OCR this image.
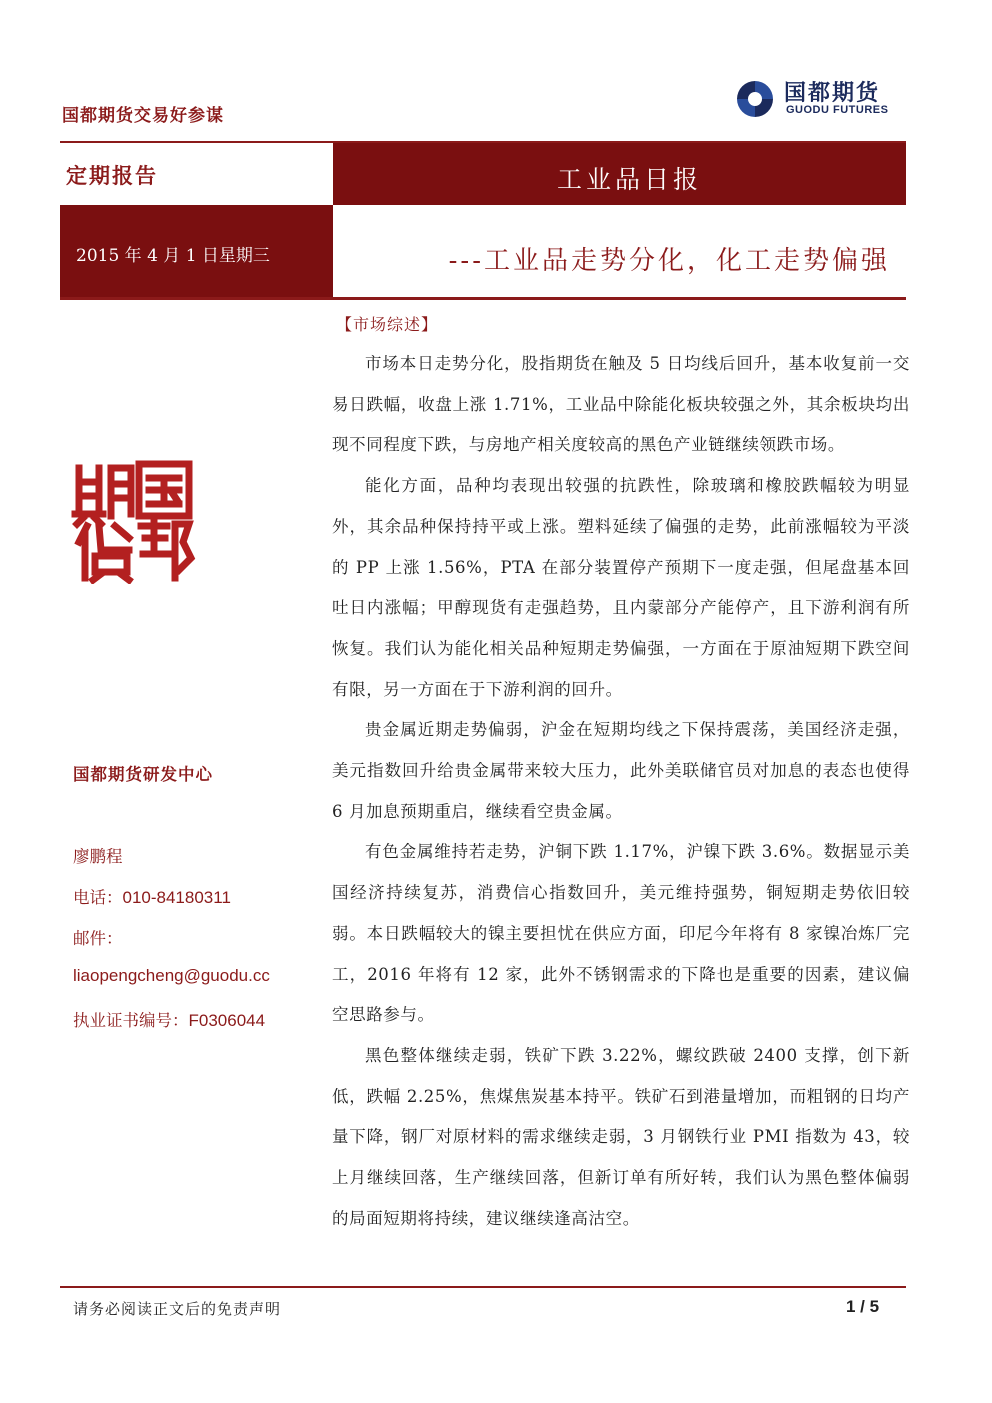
国都期货交易好参谋
国都期货
GUODU FUTURES
定期报告	工业品日报
2015 年 4 月 1 日星期三	---工业品走势分化，化工走势偏强
国都期货研发中心
廖鹏程
电话：010-84180311
邮件：
liaopengcheng@guodu.cc
执业证书编号：F0306044
【市场综述】

市场本日走势分化，股指期货在触及 5 日均线后回升，基本收复前一交易日跌幅，收盘上涨 1.71%，工业品中除能化板块较强之外，其余板块均出现不同程度下跌，与房地产相关度较高的黑色产业链继续领跌市场。

能化方面，品种均表现出较强的抗跌性，除玻璃和橡胶跌幅较为明显外，其余品种保持持平或上涨。塑料延续了偏强的走势，此前涨幅较为平淡的 PP 上涨 1.56%，PTA 在部分装置停产预期下一度走强，但尾盘基本回吐日内涨幅；甲醇现货有走强趋势，且内蒙部分产能停产，且下游利润有所恢复。我们认为能化相关品种短期走势偏强，一方面在于原油短期下跌空间有限，另一方面在于下游利润的回升。

贵金属近期走势偏弱，沪金在短期均线之下保持震荡，美国经济走强，美元指数回升给贵金属带来较大压力，此外美联储官员对加息的表态也使得 6 月加息预期重启，继续看空贵金属。

有色金属维持若走势，沪铜下跌 1.17%，沪镍下跌 3.6%。数据显示美国经济持续复苏，消费信心指数回升，美元维持强势，铜短期走势依旧较弱。本日跌幅较大的镍主要担忧在供应方面，印尼今年将有 8 家镍冶炼厂完工，2016 年将有 12 家，此外不锈钢需求的下降也是重要的因素，建议偏空思路参与。

黑色整体继续走弱，铁矿下跌 3.22%，螺纹跌破 2400 支撑，创下新低，跌幅 2.25%，焦煤焦炭基本持平。铁矿石到港量增加，而粗钢的日均产量下降，钢厂对原材料的需求继续走弱，3 月钢铁行业 PMI 指数为 43，较上月继续回落，生产继续回落，但新订单有所好转，我们认为黑色整体偏弱的局面短期将持续，建议继续逢高沽空。

请务必阅读正文后的免责声明	1 / 5
